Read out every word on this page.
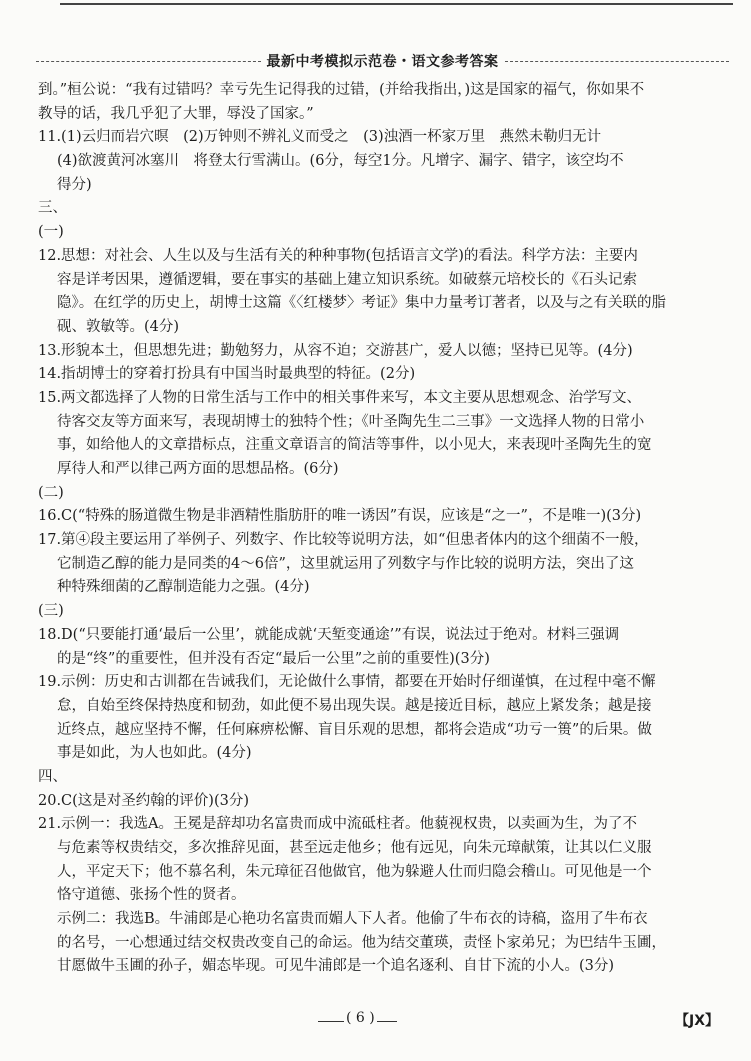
最新中考模拟示范卷・语文参考答案
到。”桓公说：“我有过错吗？幸亏先生记得我的过错，(并给我指出，)这是国家的福气，你如果不
教导的话，我几乎犯了大罪，辱没了国家。”
11.(1)云归而岩穴暝　(2)万钟则不辨礼义而受之　(3)浊酒一杯家万里　燕然未勒归无计
(4)欲渡黄河冰塞川　将登太行雪满山。(6分，每空1分。凡增字、漏字、错字，该空均不
得分)
三、
(一)
12.思想：对社会、人生以及与生活有关的种种事物(包括语言文学)的看法。科学方法：主要内
容是详考因果，遵循逻辑，要在事实的基础上建立知识系统。如破蔡元培校长的《石头记索
隐》。在红学的历史上，胡博士这篇《〈红楼梦〉考证》集中力量考订著者，以及与之有关联的脂
砚、敦敏等。(4分)
13.形貌本土，但思想先进；勤勉努力，从容不迫；交游甚广，爱人以德；坚持已见等。(4分)
14.指胡博士的穿着打扮具有中国当时最典型的特征。(2分)
15.两文都选择了人物的日常生活与工作中的相关事件来写，本文主要从思想观念、治学写文、
待客交友等方面来写，表现胡博士的独特个性；《叶圣陶先生二三事》一文选择人物的日常小
事，如给他人的文章措标点，注重文章语言的简洁等事件，以小见大，来表现叶圣陶先生的宽
厚待人和严以律己两方面的思想品格。(6分)
(二)
16.C(“特殊的肠道微生物是非酒精性脂肪肝的唯一诱因”有误，应该是“之一”，不是唯一)(3分)
17.第④段主要运用了举例子、列数字、作比较等说明方法，如“但患者体内的这个细菌不一般，
它制造乙醇的能力是同类的4～6倍”，这里就运用了列数字与作比较的说明方法，突出了这
种特殊细菌的乙醇制造能力之强。(4分)
(三)
18.D(“只要能打通‘最后一公里’，就能成就‘天堑变通途’”有误，说法过于绝对。材料三强调
的是“终”的重要性，但并没有否定“最后一公里”之前的重要性)(3分)
19.示例：历史和古训都在告诫我们，无论做什么事情，都要在开始时仔细谨慎，在过程中毫不懈
怠，自始至终保持热度和韧劲，如此便不易出现失误。越是接近目标，越应上紧发条；越是接
近终点，越应坚持不懈，任何麻痹松懈、盲目乐观的思想，都将会造成“功亏一篑”的后果。做
事是如此，为人也如此。(4分)
四、
20.C(这是对圣约翰的评价)(3分)
21.示例一：我选A。王冕是辞却功名富贵而成中流砥柱者。他藐视权贵，以卖画为生，为了不
与危素等权贵结交，多次推辞见面，甚至远走他乡；他有远见，向朱元璋献策，让其以仁义服
人，平定天下；他不慕名利，朱元璋征召他做官，他为躲避人仕而归隐会稽山。可见他是一个
恪守道德、张扬个性的贤者。
示例二：我选B。牛浦郎是心艳功名富贵而媚人下人者。他偷了牛布衣的诗稿，盗用了牛布衣
的名号，一心想通过结交权贵改变自己的命运。他为结交董瑛，责怪卜家弟兄；为巴结牛玉圃，
甘愿做牛玉圃的孙子，媚态毕现。可见牛浦郎是一个追名逐利、自甘下流的小人。(3分)
( 6 )	【JX】
